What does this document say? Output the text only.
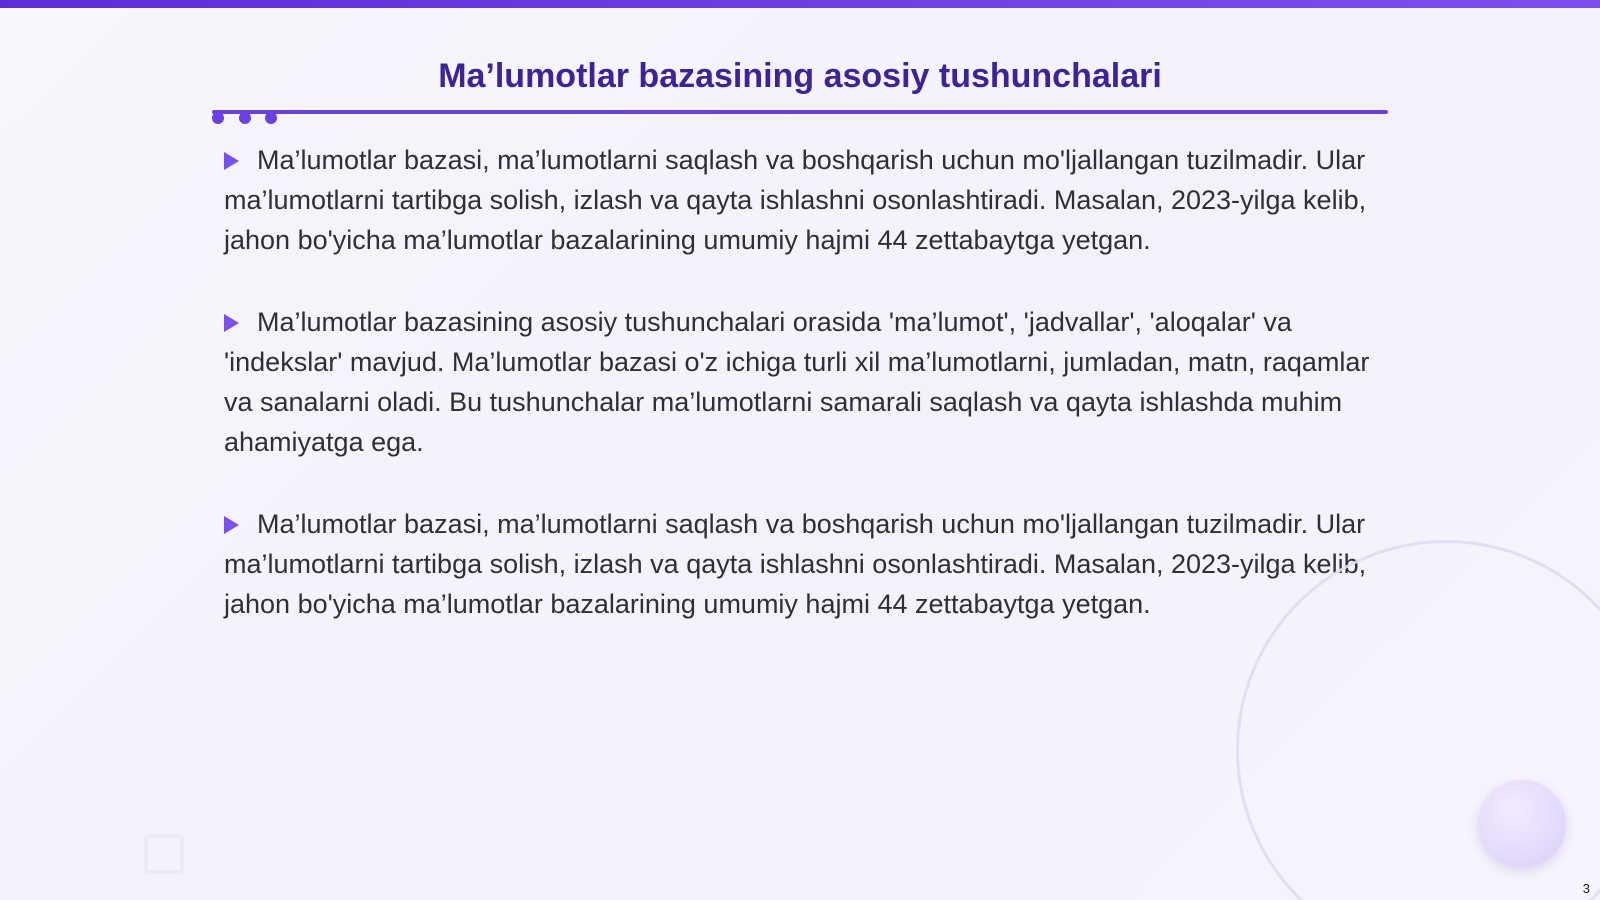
Ma’lumotlar bazasining asosiy tushunchalari

Ma’lumotlar bazasi, ma’lumotlarni saqlash va boshqarish uchun mo'ljallangan tuzilmadir. Ular ma’lumotlarni tartibga solish, izlash va qayta ishlashni osonlashtiradi. Masalan, 2023-yilga kelib, jahon bo'yicha ma’lumotlar bazalarining umumiy hajmi 44 zettabaytga yetgan.

Ma’lumotlar bazasining asosiy tushunchalari orasida 'ma’lumot', 'jadvallar', 'aloqalar' va 'indekslar' mavjud. Ma’lumotlar bazasi o'z ichiga turli xil ma’lumotlarni, jumladan, matn, raqamlar va sanalarni oladi. Bu tushunchalar ma’lumotlarni samarali saqlash va qayta ishlashda muhim ahamiyatga ega.

Ma’lumotlar bazasi, ma’lumotlarni saqlash va boshqarish uchun mo'ljallangan tuzilmadir. Ular ma’lumotlarni tartibga solish, izlash va qayta ishlashni osonlashtiradi. Masalan, 2023-yilga kelib, jahon bo'yicha ma’lumotlar bazalarining umumiy hajmi 44 zettabaytga yetgan.

3
